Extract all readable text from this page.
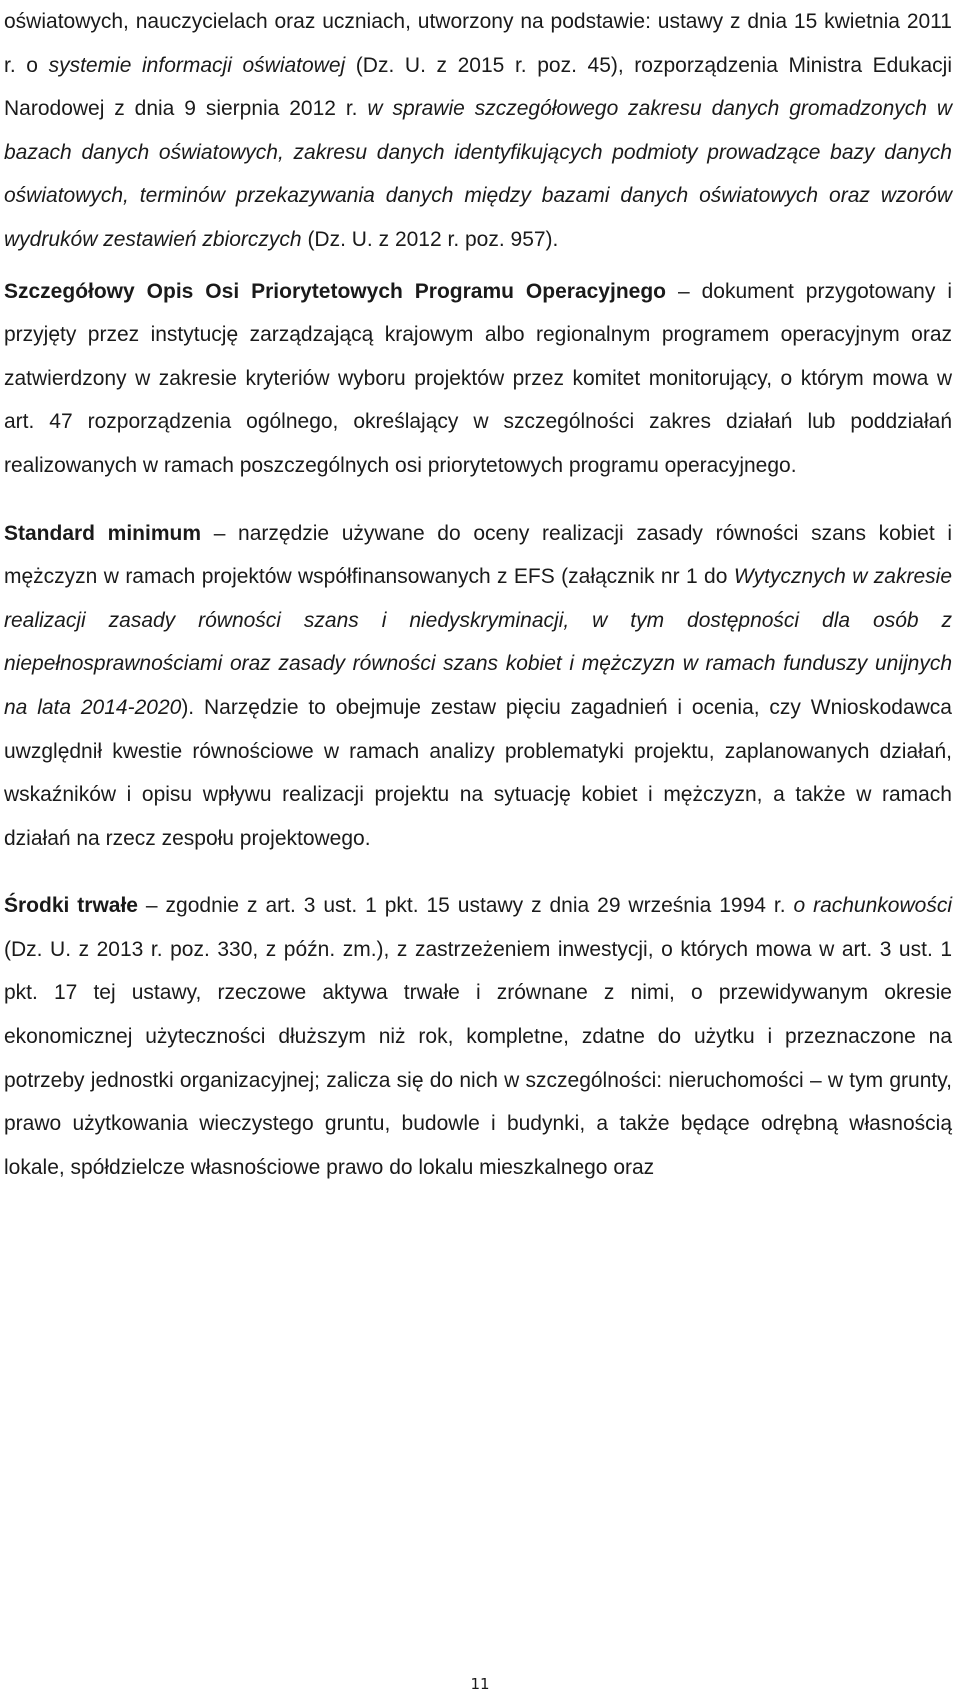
oświatowych, nauczycielach oraz uczniach, utworzony na podstawie: ustawy z dnia 15 kwietnia 2011 r. o systemie informacji oświatowej (Dz. U. z 2015 r. poz. 45), rozporządzenia Ministra Edukacji Narodowej z dnia 9 sierpnia 2012 r. w sprawie szczegółowego zakresu danych gromadzonych w bazach danych oświatowych, zakresu danych identyfikujących podmioty prowadzące bazy danych oświatowych, terminów przekazywania danych między bazami danych oświatowych oraz wzorów wydruków zestawień zbiorczych (Dz. U. z 2012 r. poz. 957).

Szczegółowy Opis Osi Priorytetowych Programu Operacyjnego – dokument przygotowany i przyjęty przez instytucję zarządzającą krajowym albo regionalnym programem operacyjnym oraz zatwierdzony w zakresie kryteriów wyboru projektów przez komitet monitorujący, o którym mowa w art. 47 rozporządzenia ogólnego, określający w szczególności zakres działań lub poddziałań realizowanych w ramach poszczególnych osi priorytetowych programu operacyjnego.

Standard minimum – narzędzie używane do oceny realizacji zasady równości szans kobiet i mężczyzn w ramach projektów współfinansowanych z EFS (załącznik nr 1 do Wytycznych w zakresie realizacji zasady równości szans i niedyskryminacji, w tym dostępności dla osób z niepełnosprawnościami oraz zasady równości szans kobiet i mężczyzn w ramach funduszy unijnych na lata 2014-2020). Narzędzie to obejmuje zestaw pięciu zagadnień i ocenia, czy Wnioskodawca uwzględnił kwestie równościowe w ramach analizy problematyki projektu, zaplanowanych działań, wskaźników i opisu wpływu realizacji projektu na sytuację kobiet i mężczyzn, a także w ramach działań na rzecz zespołu projektowego.

Środki trwałe – zgodnie z art. 3 ust. 1 pkt. 15 ustawy z dnia 29 września 1994 r. o rachunkowości (Dz. U. z 2013 r. poz. 330, z późn. zm.), z zastrzeżeniem inwestycji, o których mowa w art. 3 ust. 1 pkt. 17 tej ustawy, rzeczowe aktywa trwałe i zrównane z nimi, o przewidywanym okresie ekonomicznej użyteczności dłuższym niż rok, kompletne, zdatne do użytku i przeznaczone na potrzeby jednostki organizacyjnej; zalicza się do nich w szczególności: nieruchomości – w tym grunty, prawo użytkowania wieczystego gruntu, budowle i budynki, a także będące odrębną własnością lokale, spółdzielcze własnościowe prawo do lokalu mieszkalnego oraz

11
